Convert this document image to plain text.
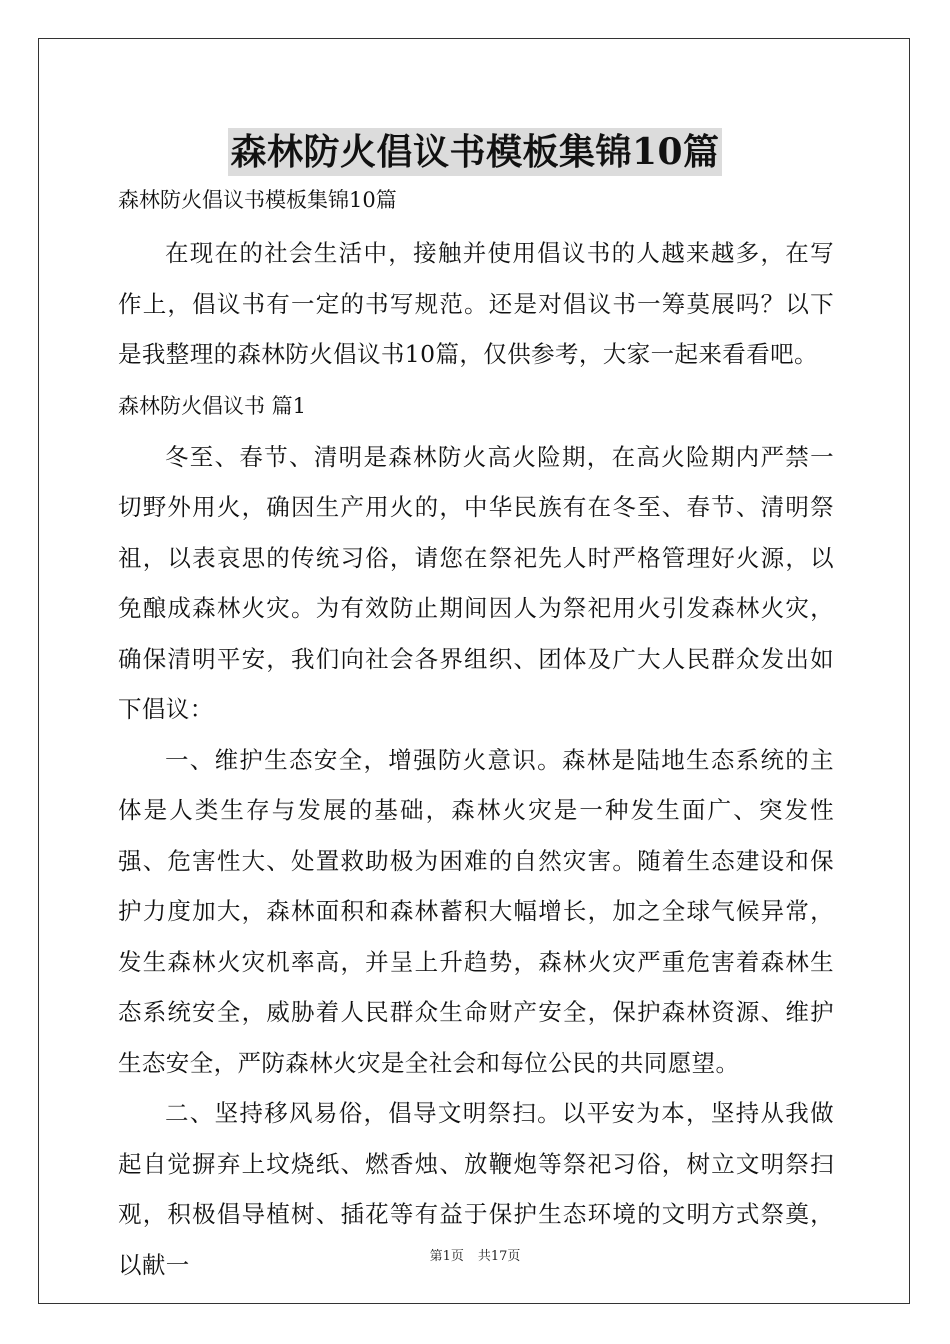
森林防火倡议书模板集锦10篇
森林防火倡议书模板集锦10篇

在现在的社会生活中，接触并使用倡议书的人越来越多，在写作上，倡议书有一定的书写规范。还是对倡议书一筹莫展吗？以下是我整理的森林防火倡议书10篇，仅供参考，大家一起来看看吧。

森林防火倡议书 篇1

冬至、春节、清明是森林防火高火险期，在高火险期内严禁一切野外用火，确因生产用火的，中华民族有在冬至、春节、清明祭祖，以表哀思的传统习俗，请您在祭祀先人时严格管理好火源，以免酿成森林火灾。为有效防止期间因人为祭祀用火引发森林火灾，确保清明平安，我们向社会各界组织、团体及广大人民群众发出如下倡议：

一、维护生态安全，增强防火意识。森林是陆地生态系统的主体是人类生存与发展的基础，森林火灾是一种发生面广、突发性强、危害性大、处置救助极为困难的自然灾害。随着生态建设和保护力度加大，森林面积和森林蓄积大幅增长，加之全球气候异常，发生森林火灾机率高，并呈上升趋势，森林火灾严重危害着森林生态系统安全，威胁着人民群众生命财产安全，保护森林资源、维护生态安全，严防森林火灾是全社会和每位公民的共同愿望。

二、坚持移风易俗，倡导文明祭扫。以平安为本，坚持从我做起自觉摒弃上坟烧纸、燃香烛、放鞭炮等祭祀习俗，树立文明祭扫观，积极倡导植树、插花等有益于保护生态环境的文明方式祭奠，以献一	第1页 共17页
